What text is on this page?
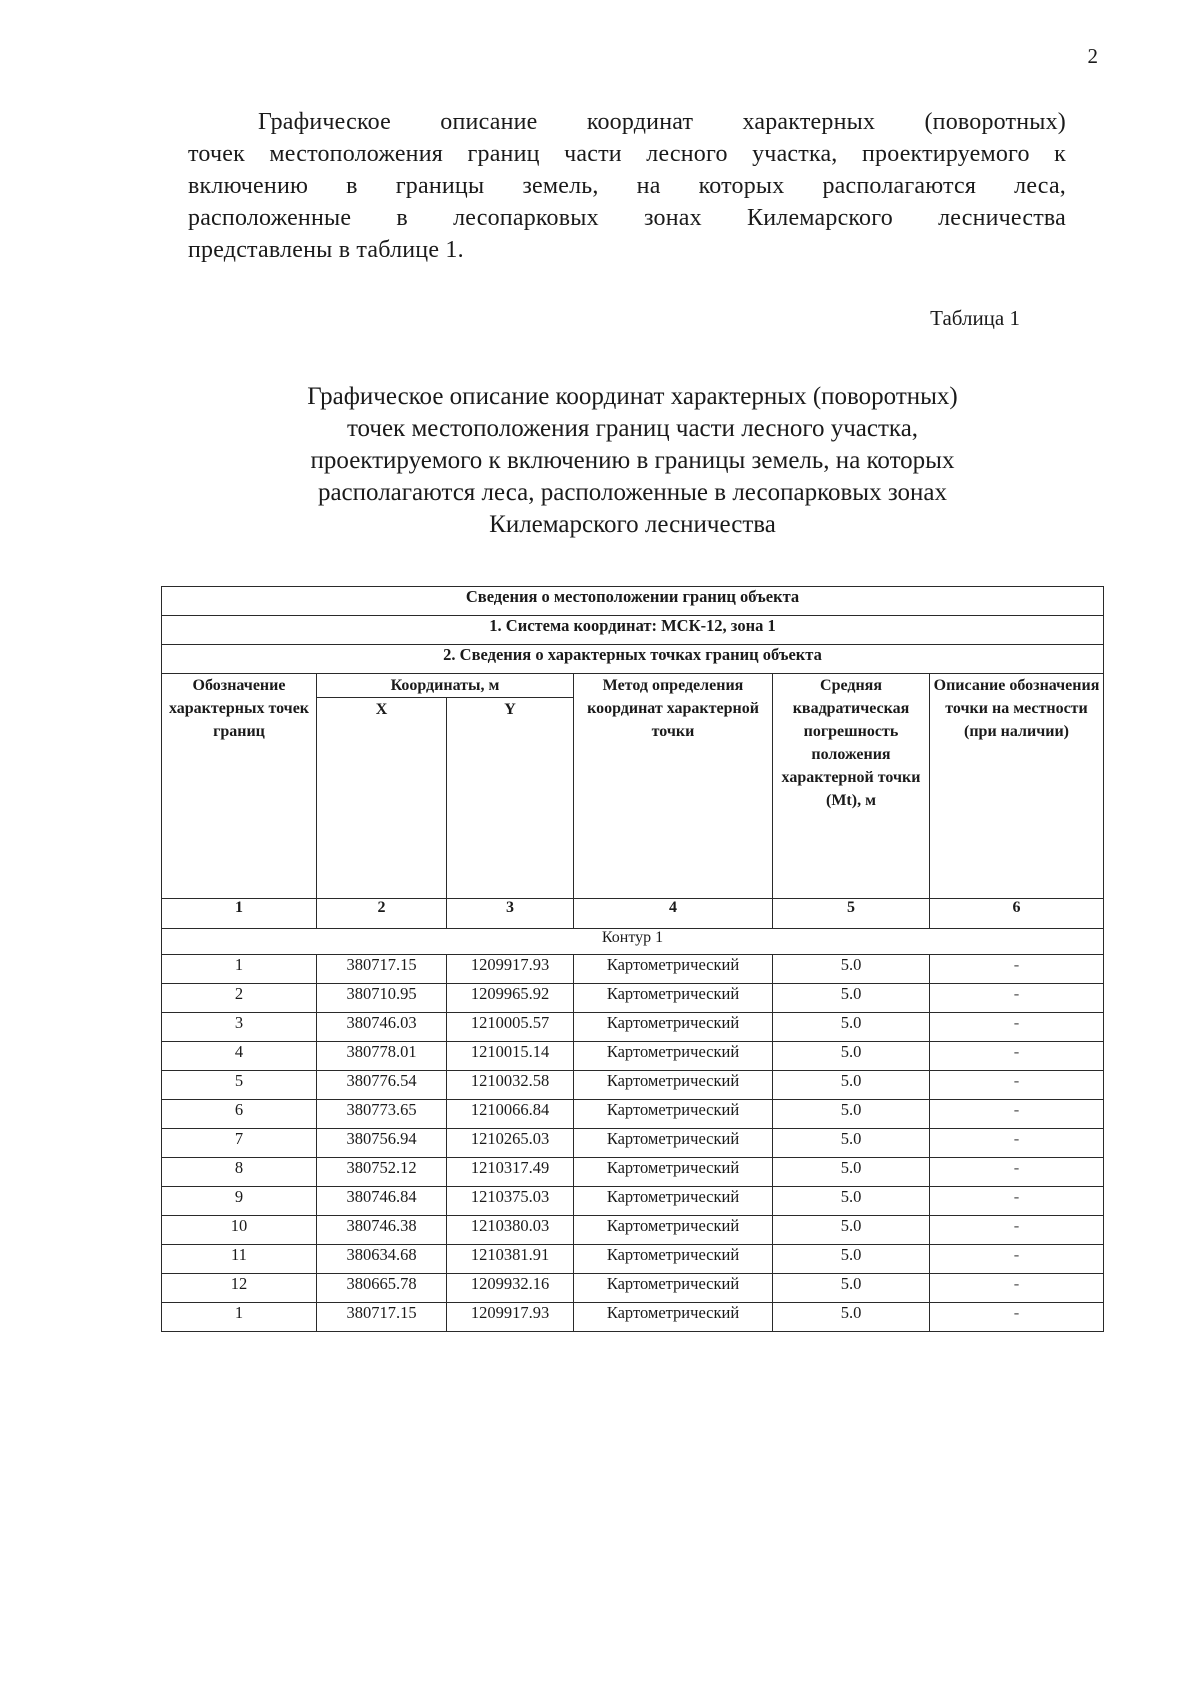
2
Графическое описание координат характерных (поворотных)
точек местоположения границ части лесного участка, проектируемого к
включению в границы земель, на которых располагаются леса,
расположенные в лесопарковых зонах Килемарского лесничества
представлены в таблице 1.
Таблица 1
Графическое описание координат характерных (поворотных)
точек местоположения границ части лесного участка,
проектируемого к включению в границы земель, на которых
располагаются леса, расположенные в лесопарковых зонах
Килемарского лесничества
Сведения о местоположении границ объекта					
1. Система координат: МСК-12, зона 1					
2. Сведения о характерных точках границ объекта					
Обозначение характерных точек границ	Координаты, м		Метод определения координат характерной точки	Средняя квадратическая погрешность положения характерной точки (Mt), м	Описание обозначения точки на местности (при наличии)
	X	Y			
1	2	3	4	5	6
Контур 1					
1	380717.15	1209917.93	Картометрический	5.0	-
2	380710.95	1209965.92	Картометрический	5.0	-
3	380746.03	1210005.57	Картометрический	5.0	-
4	380778.01	1210015.14	Картометрический	5.0	-
5	380776.54	1210032.58	Картометрический	5.0	-
6	380773.65	1210066.84	Картометрический	5.0	-
7	380756.94	1210265.03	Картометрический	5.0	-
8	380752.12	1210317.49	Картометрический	5.0	-
9	380746.84	1210375.03	Картометрический	5.0	-
10	380746.38	1210380.03	Картометрический	5.0	-
11	380634.68	1210381.91	Картометрический	5.0	-
12	380665.78	1209932.16	Картометрический	5.0	-
1	380717.15	1209917.93	Картометрический	5.0	-
